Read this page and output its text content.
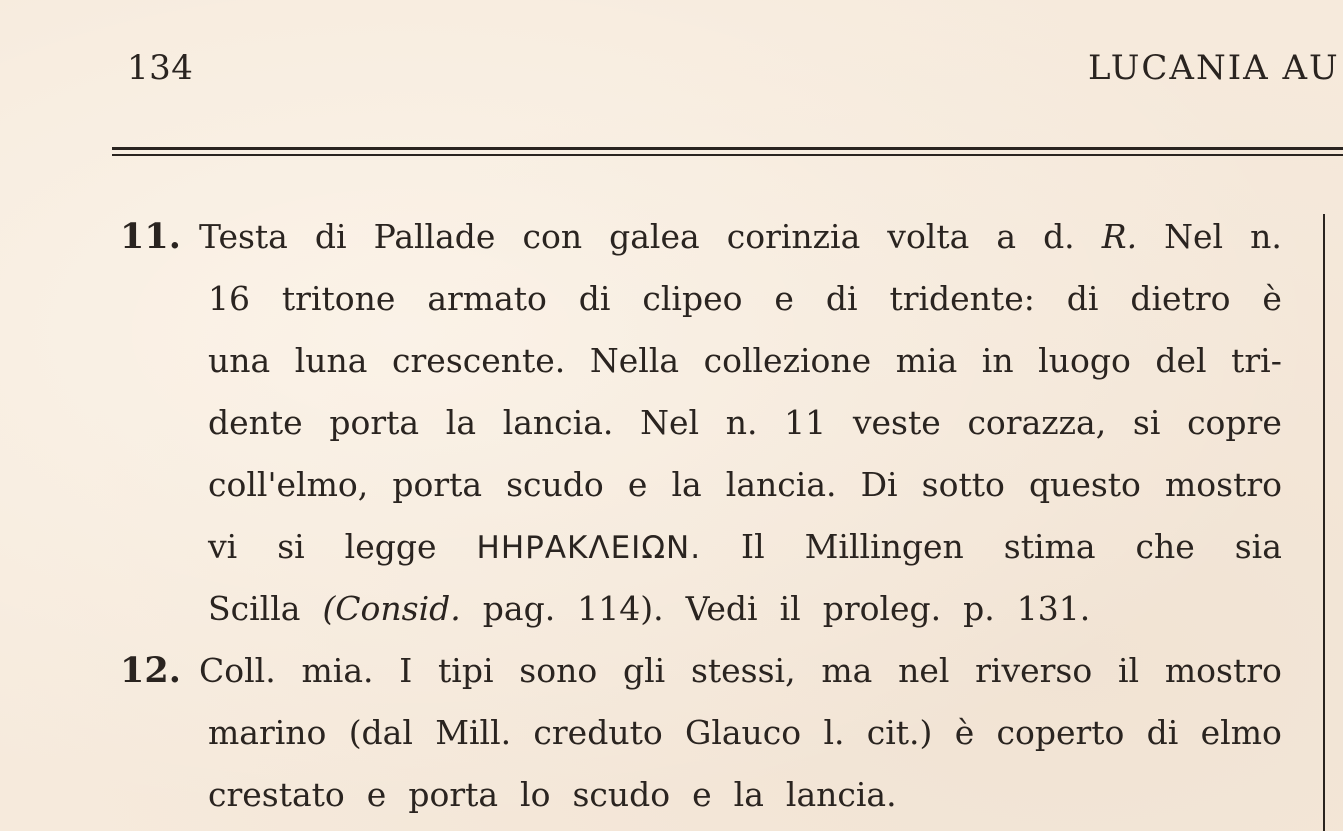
134	LUCANIA AU
11. Testa di Pallade con galea corinzia volta a d. R. Nel n.
16 tritone armato di clipeo e di tridente: di dietro è
una luna crescente. Nella collezione mia in luogo del tri-
dente porta la lancia. Nel n. 11 veste corazza, si copre
coll'elmo, porta scudo e la lancia. Di sotto questo mostro
vi si legge ΗΗΡΑΚΛΕΙΩΝ. Il Millingen stima che sia
Scilla (Consid. pag. 114). Vedi il proleg. p. 131.
12. Coll. mia. I tipi sono gli stessi, ma nel riverso il mostro
marino (dal Mill. creduto Glauco l. cit.) è coperto di elmo
crestato e porta lo scudo e la lancia.
